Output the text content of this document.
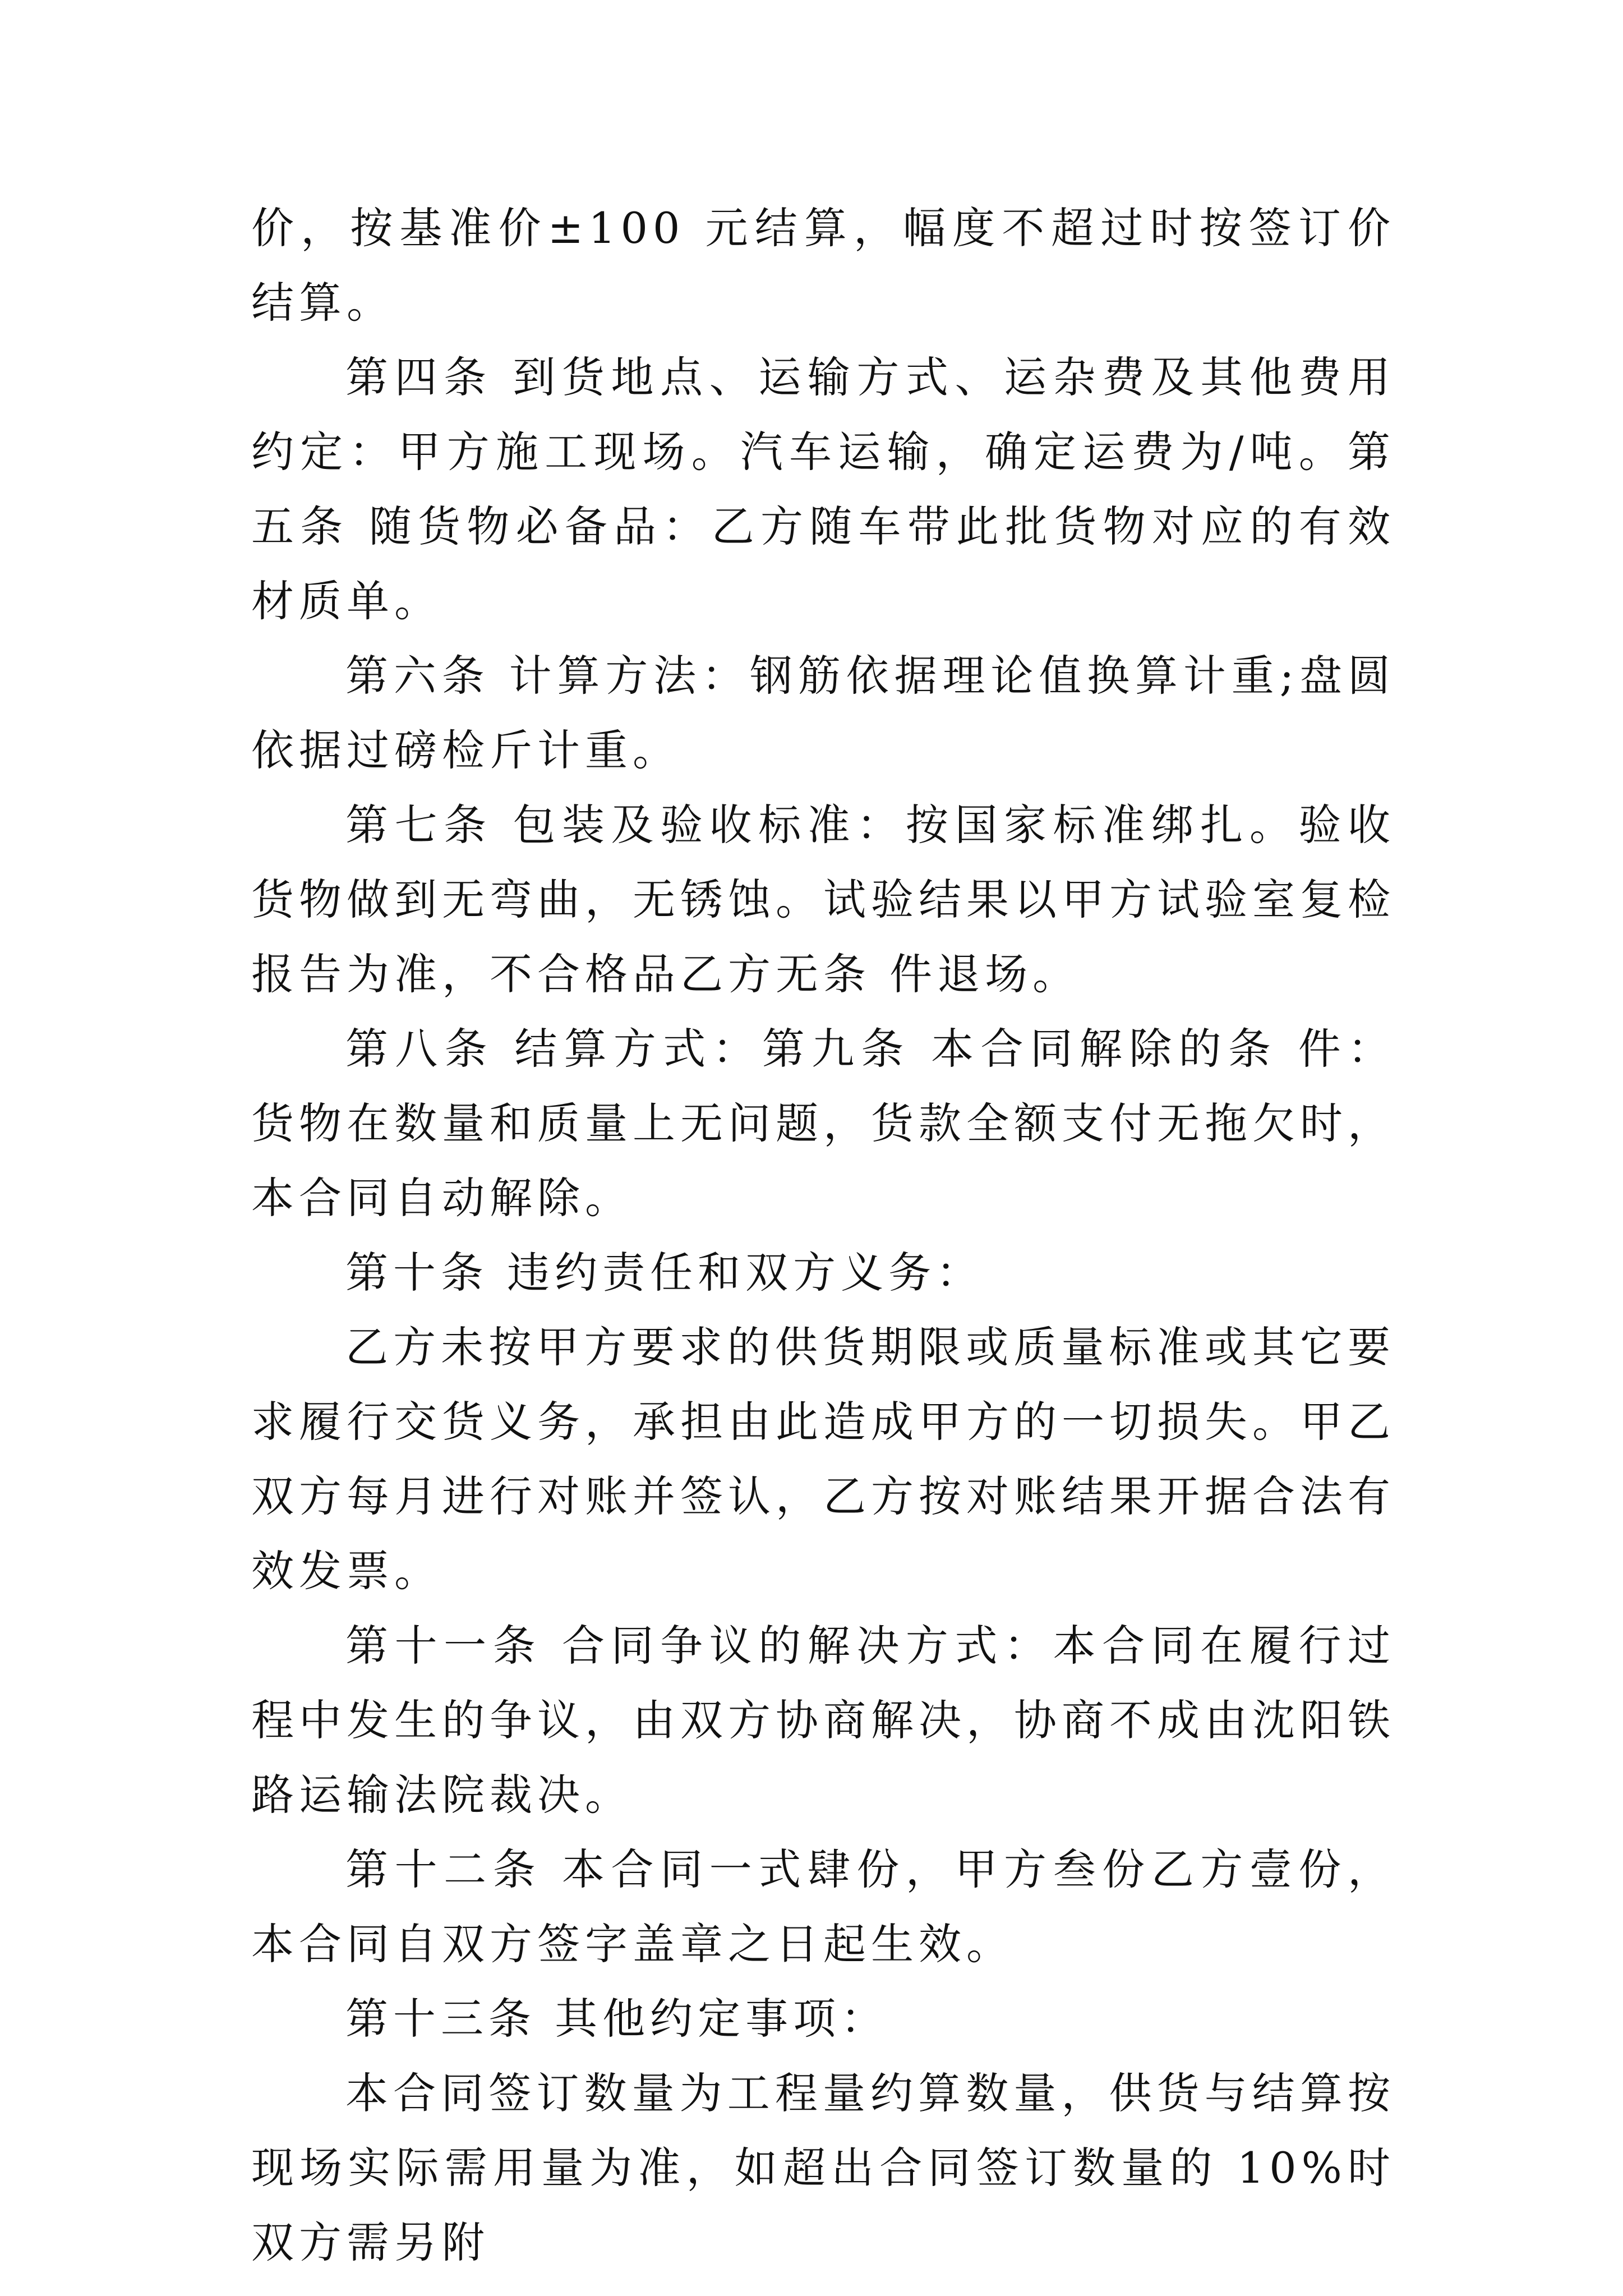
价，按基准价±100 元结算，幅度不超过时按签订价结算。

第四条 到货地点、运输方式、运杂费及其他费用约定：甲方施工现场。汽车运输，确定运费为/吨。第五条 随货物必备品：乙方随车带此批货物对应的有效材质单。

第六条 计算方法：钢筋依据理论值换算计重;盘圆依据过磅检斤计重。

第七条 包装及验收标准：按国家标准绑扎。验收货物做到无弯曲，无锈蚀。试验结果以甲方试验室复检报告为准，不合格品乙方无条 件退场。

第八条 结算方式：第九条 本合同解除的条 件：货物在数量和质量上无问题，货款全额支付无拖欠时，本合同自动解除。

第十条 违约责任和双方义务：

乙方未按甲方要求的供货期限或质量标准或其它要求履行交货义务，承担由此造成甲方的一切损失。甲乙双方每月进行对账并签认，乙方按对账结果开据合法有效发票。

第十一条 合同争议的解决方式：本合同在履行过程中发生的争议，由双方协商解决，协商不成由沈阳铁路运输法院裁决。

第十二条 本合同一式肆份，甲方叁份乙方壹份，本合同自双方签字盖章之日起生效。

第十三条 其他约定事项：

本合同签订数量为工程量约算数量，供货与结算按现场实际需用量为准，如超出合同签订数量的 10%时双方需另附
